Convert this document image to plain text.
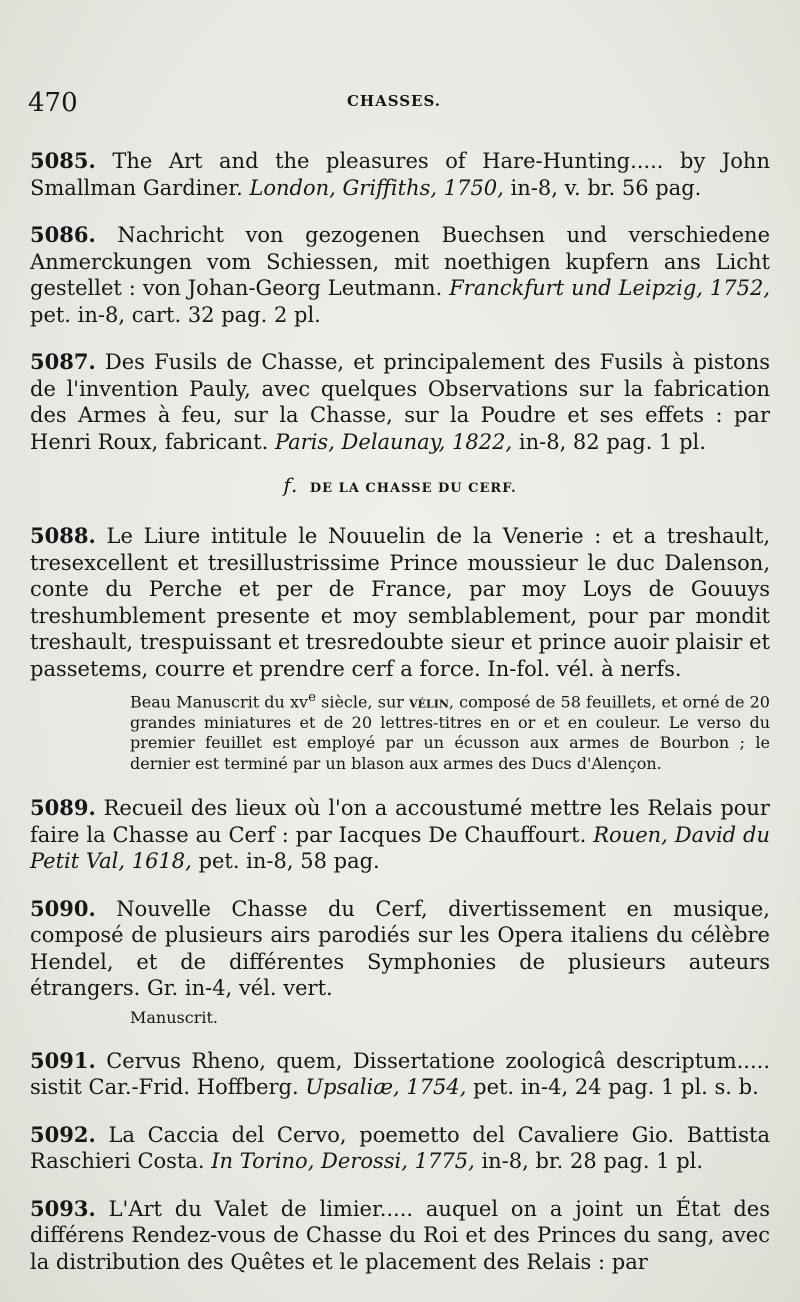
470	CHASSES.

5085. The Art and the pleasures of Hare-Hunting..... by John Smallman Gardiner. London, Griffiths, 1750, in-8, v. br. 56 pag.

5086. Nachricht von gezogenen Buechsen und verschiedene Anmerckungen vom Schiessen, mit noethigen kupfern ans Licht gestellet : von Johan-Georg Leutmann. Franckfurt und Leipzig, 1752, pet. in-8, cart. 32 pag. 2 pl.

5087. Des Fusils de Chasse, et principalement des Fusils à pistons de l'invention Pauly, avec quelques Observations sur la fabrication des Armes à feu, sur la Chasse, sur la Poudre et ses effets : par Henri Roux, fabricant. Paris, Delaunay, 1822, in-8, 82 pag. 1 pl.

f. DE LA CHASSE DU CERF.

5088. Le Liure intitule le Nouuelin de la Venerie : et a treshault, tresexcellent et tresillustrissime Prince moussieur le duc Dalenson, conte du Perche et per de France, par moy Loys de Gouuys treshumblement presente et moy semblablement, pour par mondit treshault, trespuissant et tresredoubte sieur et prince auoir plaisir et passetems, courre et prendre cerf a force. In-fol. vél. à nerfs.

Beau Manuscrit du $xv^e$ siècle, sur vélin, composé de 58 feuillets, et orné de 20 grandes miniatures et de 20 lettres-titres en or et en couleur. Le verso du premier feuillet est employé par un écusson aux armes de Bourbon ; le dernier est terminé par un blason aux armes des Ducs d'Alençon.

5089. Recueil des lieux où l'on a accoustumé mettre les Relais pour faire la Chasse au Cerf : par Iacques De Chauffourt. Rouen, David du Petit Val, 1618, pet. in-8, 58 pag.

5090. Nouvelle Chasse du Cerf, divertissement en musique, composé de plusieurs airs parodiés sur les Opera italiens du célèbre Hendel, et de différentes Symphonies de plusieurs auteurs étrangers. Gr. in-4, vél. vert.

Manuscrit.

5091. Cervus Rheno, quem, Dissertatione zoologicâ descriptum..... sistit Car.-Frid. Hoffberg. Upsaliæ, 1754, pet. in-4, 24 pag. 1 pl. s. b.

5092. La Caccia del Cervo, poemetto del Cavaliere Gio. Battista Raschieri Costa. In Torino, Derossi, 1775, in-8, br. 28 pag. 1 pl.

5093. L'Art du Valet de limier..... auquel on a joint un État des différens Rendez-vous de Chasse du Roi et des Princes du sang, avec la distribution des Quêtes et le placement des Relais : par
